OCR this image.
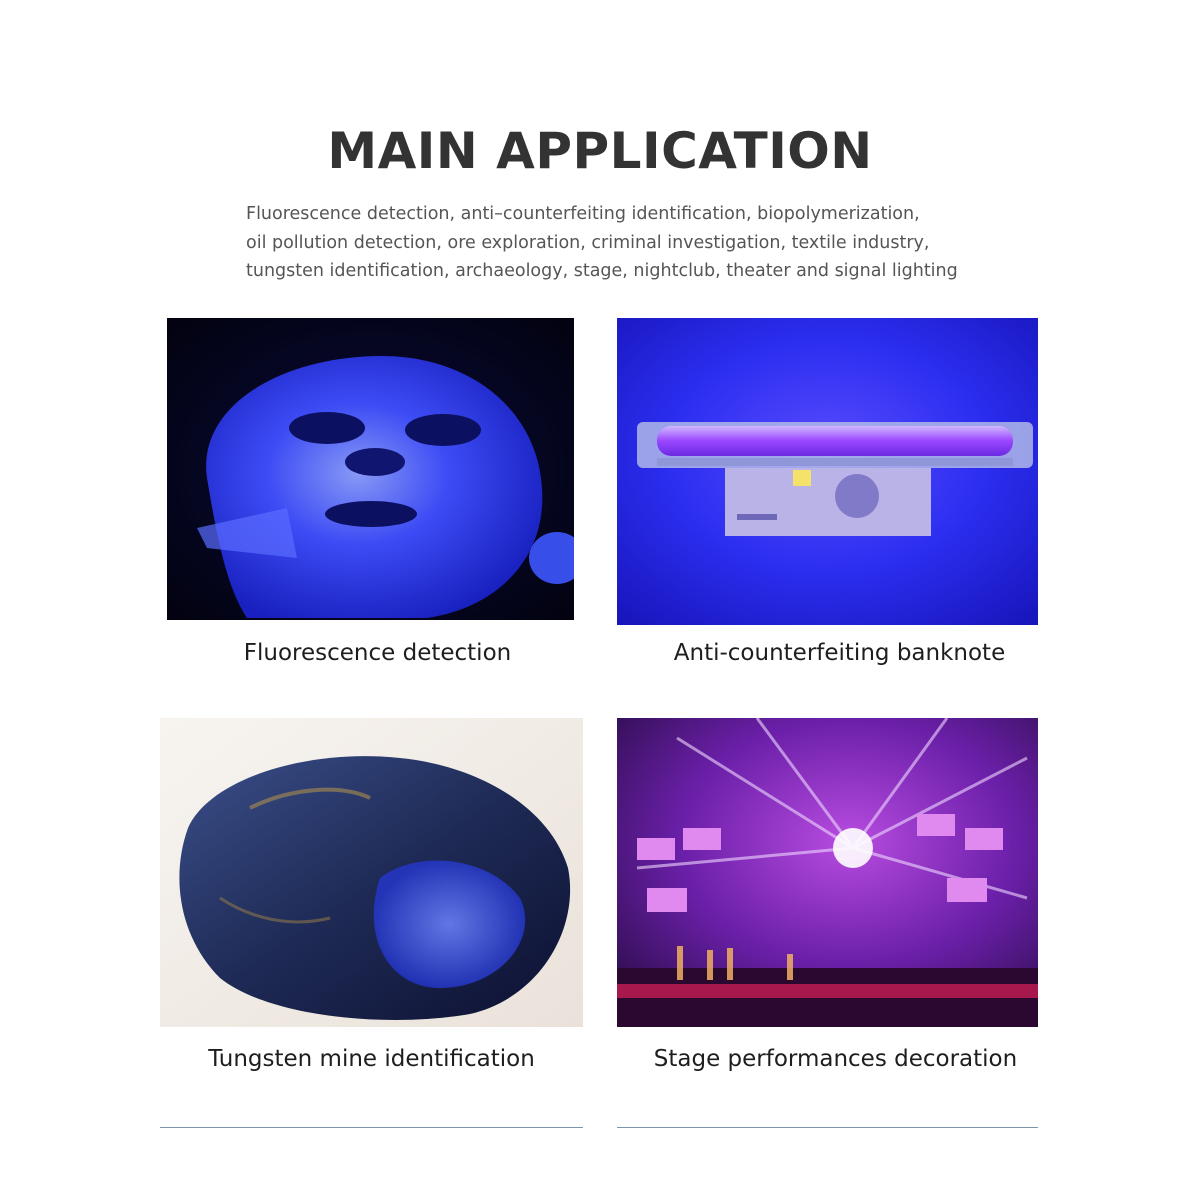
MAIN APPLICATION
Fluorescence detection, anti–counterfeiting identification, biopolymerization,
oil pollution detection, ore exploration, criminal investigation, textile industry,
tungsten identification, archaeology, stage, nightclub, theater and signal lighting
Fluorescence detection	Anti-counterfeiting banknote
Tungsten mine identification	Stage performances decoration
